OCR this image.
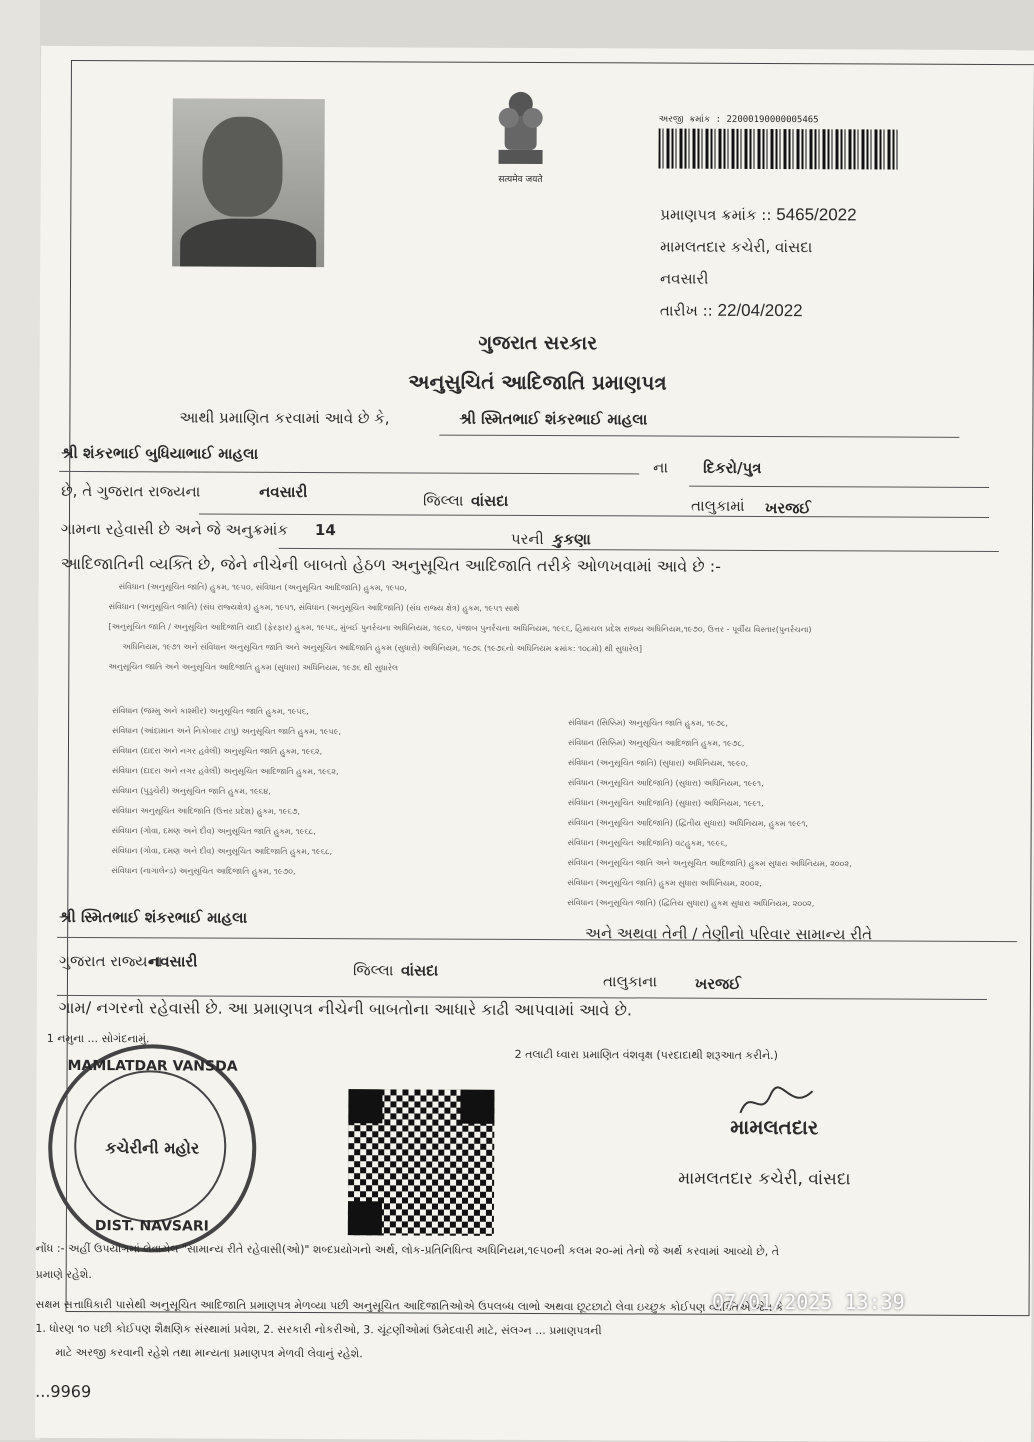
सत्यमेव जयते
અરજી ક્રમાંક : 22000190000005465
પ્રમાણપત્ર ક્રમાંક :: 5465/2022
મામલતદાર કચેરી, વાંસદા
નવસારી
તારીખ :: 22/04/2022
ગુજરાત સરકાર
અનુસુચિતં આદિજાતિ પ્રમાણપત્ર
આથી પ્રમાણિત કરવામાં આવે છે કે,	શ્રી સ્મિતભાઈ શંકરભાઈ માહલા
શ્રી શંકરભાઈ બુધિયાભાઈ માહલા
ના દિકરો/પુત્ર
છે, તે ગુજરાત રાજ્યના	નવસારી	જિલ્લા વાંસદા	તાલુકામાં ખરજઈ
ગામના રહેવાસી છે અને જે અનુક્રમાંક 14	પરની કુકણા
આદિજાતિની વ્યક્તિ છે, જેને નીચેની બાબતો હેઠળ અનુસૂચિત આદિજાતિ તરીકે ઓળખવામાં આવે છે :-
સંવિધાન (અનુસૂચિત જાતિ) હુકમ, ૧૯૫૦, સંવિધાન (અનુસૂચિત આદિજાતિ) હુકમ, ૧૯૫૦,
સંવિધાન (અનુસૂચિત જાતિ) (સંઘ રાજ્યક્ષેત્ર) હુકમ, ૧૯૫૧, સંવિધાન (અનુસૂચિત આદિજાતિ) (સંઘ રાજ્ય ક્ષેત્ર) હુકમ, ૧૯૫૧ સાથે
[અનુસૂચિત જાતિ / અનુસૂચિત આદિજાતિ યાદી (ફેરફાર) હુકમ, ૧૯૫૬, મુંબઈ પુનર્રચના અધિનિયમ, ૧૯૬૦, પંજાબ પુનર્રચના અધિનિયમ, ૧૯૬૬, હિમાચલ પ્રદેશ રાજ્ય અધિનિયમ,૧૯૭૦, ઉત્તર - પૂર્વીય વિસ્તાર(પુનર્રચના)
અધિનિયમ, ૧૯૭૧ અને સંવિધાન અનુસૂચિત જાતિ અને અનુસૂચિત આદિજાતિ હુકમ (સુધારો) અધિનિયમ, ૧૯૭૬ (૧૯૭૬નો અધિનિયમ ક્રમાંક: ૧૦૮મો) થી સુધારેલ]
અનુસૂચિત જાતિ અને અનુસૂચિત આદિજાતિ હુકમ (સુધારા) અધિનિયમ, ૧૯૭૬ થી સુધારેલ
સંવિધાન (જમ્મુ અને કાશ્મીર) અનુસૂચિત જાતિ હુકમ, ૧૯૫૬,
સંવિધાન (આંદામાન અને નિકોબાર ટાપુ) અનુસૂચિત જાતિ હુકમ, ૧૯૫૯,
સંવિધાન (દાદરા અને નગર હવેલી) અનુસૂચિત જાતિ હુકમ, ૧૯૬૨,
સંવિધાન (દાદરા અને નગર હવેલી) અનુસૂચિત આદિજાતિ હુકમ, ૧૯૬૨,
સંવિધાન (પુડુચેરી) અનુસૂચિત જાતિ હુકમ, ૧૯૬૪,
સંવિધાન અનુસૂચિત આદિજાતિ (ઉત્તર પ્રદેશ) હુકમ, ૧૯૬૭,
સંવિધાન (ગોવા, દમણ અને દીવ) અનુસૂચિત જાતિ હુકમ, ૧૯૬૮,
સંવિધાન (ગોવા, દમણ અને દીવ) અનુસૂચિત આદિજાતિ હુકમ, ૧૯૬૮,
સંવિધાન (નાગાલેન્ડ) અનુસૂચિત આદિજાતિ હુકમ, ૧૯૭૦,
સંવિધાન (સિક્કિમ) અનુસૂચિત જાતિ હુકમ, ૧૯૭૮,
સંવિધાન (સિક્કિમ) અનુસૂચિત આદિજાતિ હુકમ, ૧૯૭૮,
સંવિધાન (અનુસૂચિત જાતિ) (સુધારા) અધિનિયમ, ૧૯૯૦,
સંવિધાન (અનુસૂચિત આદિજાતિ) (સુધારા) અધિનિયમ, ૧૯૯૧,
સંવિધાન (અનુસૂચિત આદિજાતિ) (સુધારા) અધિનિયમ, ૧૯૯૧,
સંવિધાન (અનુસૂચિત આદિજાતિ) (દ્વિતીય સુધારા) અધિનિયમ, હુકમ ૧૯૯૧,
સંવિધાન (અનુસૂચિત આદિજાતિ) વટહુકમ, ૧૯૯૬,
સંવિધાન (અનુસૂચિત જાતિ અને અનુસૂચિત આદિજાતિ) હુકમ સુધારા અધિનિયમ, ૨૦૦૨,
સંવિધાન (અનુસૂચિત જાતિ) હુકમ સુધારા અધિનિયમ, ૨૦૦૨,
સંવિધાન (અનુસૂચિત જાતિ) (દ્વિતિય સુધારા) હુકમ સુધારા અધિનિયમ, ૨૦૦૨,
શ્રી સ્મિતભાઈ શંકરભાઈ માહલા
અને અથવા તેની / તેણીનો પરિવાર સામાન્ય રીતે
ગુજરાત રાજ્યના
નવસારી	જિલ્લા વાંસદા
તાલુકાના	ખરજઈ
ગામ/ નગરનો રહેવાસી છે. આ પ્રમાણપત્ર નીચેની બાબતોના આધારે કાઢી આપવામાં આવે છે.
1 નમુના ... સોગંદનામું.
2 તલાટી ધ્વારા પ્રમાણિત વંશવૃક્ષ (પરદાદાથી શરૂઆત કરીને.)
MAMLATDAR VANSDA
કચેરીની મહોર
DIST. NAVSARI
મામલતદાર
મામલતદાર કચેરી, વાંસદા
નોંધ :- અહીં ઉપયોગમાં લેવાયેલ "સામાન્ય રીતે રહેવાસી(ઓ)" શબ્દપ્રયોગનો અર્થ, લોક-પ્રતિનિધિત્વ અધિનિયમ,૧૯૫૦ની કલમ ૨૦-માં તેનો જે અર્થ કરવામાં આવ્યો છે, તે
પ્રમાણે રહેશે.
સક્ષમ સત્તાધિકારી પાસેથી અનુસૂચિત આદિજાતિ પ્રમાણપત્ર મેળવ્યા પછી અનુસૂચિત આદિજાતિઓએ ઉપલબ્ધ લાભો અથવા છૂટછાટો લેવા ઇચ્છુક કોઈપણ વ્યક્તિએ જેમ કે
1. ધોરણ ૧૦ પછી કોઈપણ શૈક્ષણિક સંસ્થામાં પ્રવેશ, 2. સરકારી નોકરીઓ, 3. ચૂંટણીઓમાં ઉમેદવારી માટે, સંલગ્ન ... પ્રમાણપત્રની
માટે અરજી કરવાની રહેશે તથા માન્યતા પ્રમાણપત્ર મેળવી લેવાનું રહેશે.
...9969
07/01/2025 13:39
